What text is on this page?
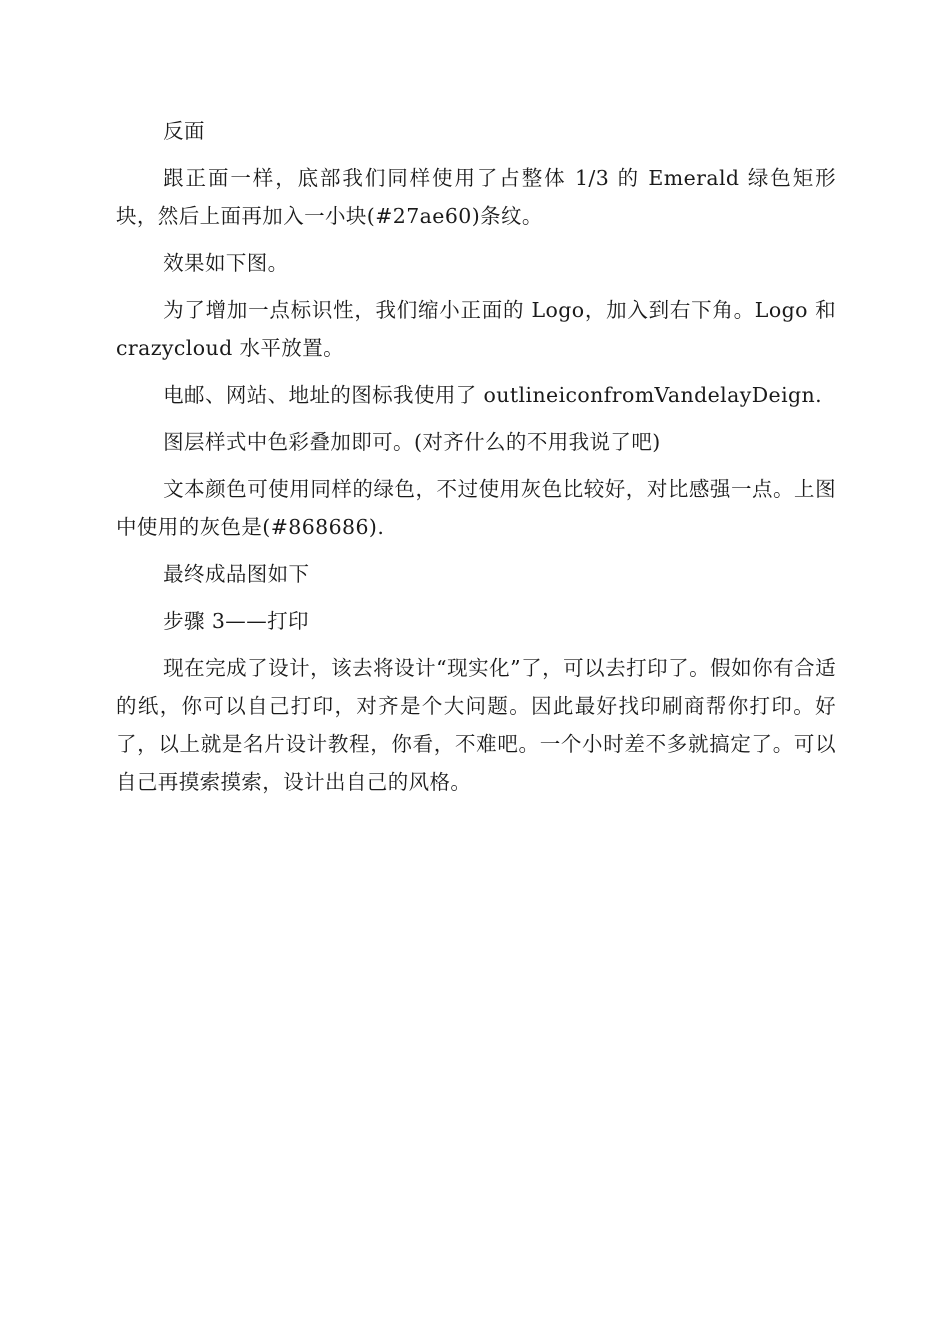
反面

跟正面一样，底部我们同样使用了占整体 1/3 的 Emerald 绿色矩形块，然后上面再加入一小块(#27ae60)条纹。

效果如下图。

为了增加一点标识性，我们缩小正面的 Logo，加入到右下角。Logo 和 crazycloud 水平放置。

电邮、网站、地址的图标我使用了 outlineiconfromVandelayDeign.

图层样式中色彩叠加即可。(对齐什么的不用我说了吧)

文本颜色可使用同样的绿色，不过使用灰色比较好，对比感强一点。上图中使用的灰色是(#868686).

最终成品图如下

步骤 3——打印

现在完成了设计，该去将设计“现实化”了，可以去打印了。假如你有合适的纸，你可以自己打印，对齐是个大问题。因此最好找印刷商帮你打印。好了，以上就是名片设计教程，你看，不难吧。一个小时差不多就搞定了。可以自己再摸索摸索，设计出自己的风格。
